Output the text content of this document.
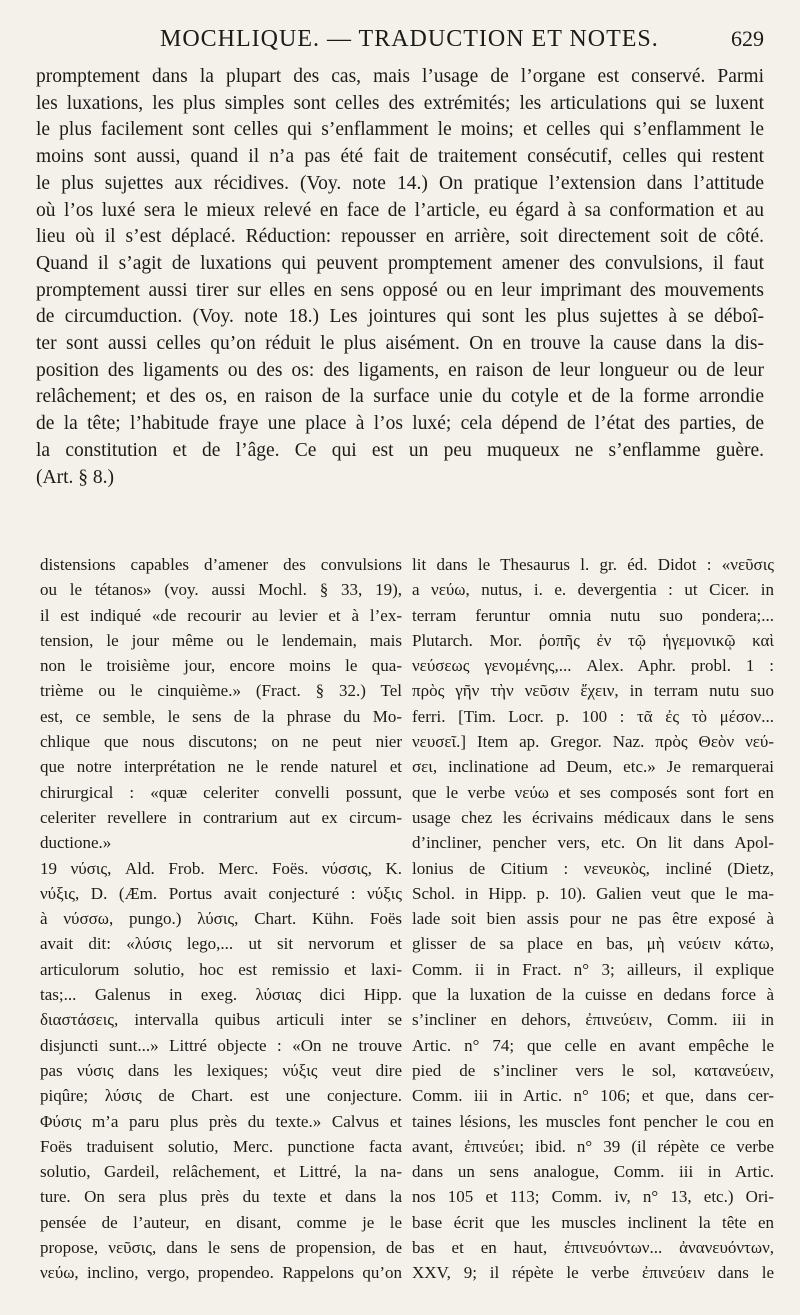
MOCHLIQUE. — TRADUCTION ET NOTES.	629
promptement dans la plupart des cas, mais l’usage de l’organe est conservé. Parmi
les luxations, les plus simples sont celles des extrémités; les articulations qui se luxent
le plus facilement sont celles qui s’enflamment le moins; et celles qui s’enflamment le
moins sont aussi, quand il n’a pas été fait de traitement consécutif, celles qui restent
le plus sujettes aux récidives. (Voy. note 14.) On pratique l’extension dans l’attitude
où l’os luxé sera le mieux relevé en face de l’article, eu égard à sa conformation et au
lieu où il s’est déplacé. Réduction: repousser en arrière, soit directement soit de côté.
Quand il s’agit de luxations qui peuvent promptement amener des convulsions, il faut
promptement aussi tirer sur elles en sens opposé ou en leur imprimant des mouvements
de circumduction. (Voy. note 18.) Les jointures qui sont les plus sujettes à se déboî-
ter sont aussi celles qu’on réduit le plus aisément. On en trouve la cause dans la dis-
position des ligaments ou des os: des ligaments, en raison de leur longueur ou de leur
relâchement; et des os, en raison de la surface unie du cotyle et de la forme arrondie
de la tête; l’habitude fraye une place à l’os luxé; cela dépend de l’état des parties, de
la constitution et de l’âge. Ce qui est un peu muqueux ne s’enflamme guère.
(Art. § 8.)
distensions capables d’amener des convulsions
ou le tétanos» (voy. aussi Mochl. § 33, 19),
il est indiqué «de recourir au levier et à l’ex-
tension, le jour même ou le lendemain, mais
non le troisième jour, encore moins le qua-
trième ou le cinquième.» (Fract. § 32.) Tel
est, ce semble, le sens de la phrase du Mo-
chlique que nous discutons; on ne peut nier
que notre interprétation ne le rende naturel et
chirurgical : «quæ celeriter convelli possunt,
celeriter revellere in contrarium aut ex circum-
ductione.»
19 νύσις, Ald. Frob. Merc. Foës. νύσσις, K.
νύξις, D. (Æm. Portus avait conjecturé : νύξις
à νύσσω, pungo.) λύσις, Chart. Kühn. Foës
avait dit: «λύσις lego,... ut sit nervorum et
articulorum solutio, hoc est remissio et laxi-
tas;... Galenus in exeg. λύσιας dici Hipp.
διαστάσεις, intervalla quibus articuli inter se
disjuncti sunt...» Littré objecte : «On ne trouve
pas νύσις dans les lexiques; νύξις veut dire
piqûre; λύσις de Chart. est une conjecture.
Φύσις m’a paru plus près du texte.» Calvus et
Foës traduisent solutio, Merc. punctione facta
solutio, Gardeil, relâchement, et Littré, la na-
ture. On sera plus près du texte et dans la
pensée de l’auteur, en disant, comme je le
propose, νεῦσις, dans le sens de propension, de
νεύω, inclino, vergo, propendeo. Rappelons qu’on
lit dans le Thesaurus l. gr. éd. Didot : «νεῦσις
a νεύω, nutus, i. e. devergentia : ut Cicer. in
terram feruntur omnia nutu suo pondera;...
Plutarch. Mor. ῥοπῆς ἐν τῷ ἡγεμονικῷ καὶ
νεύσεως γενομένης,... Alex. Aphr. probl. 1 :
πρὸς γῆν τὴν νεῦσιν ἔχειν, in terram nutu suo
ferri. [Tim. Locr. p. 100 : τᾶ ἐς τὸ μέσον...
νευσεῖ.] Item ap. Gregor. Naz. πρὸς Θεὸν νεύ-
σει, inclinatione ad Deum, etc.» Je remarquerai
que le verbe νεύω et ses composés sont fort en
usage chez les écrivains médicaux dans le sens
d’incliner, pencher vers, etc. On lit dans Apol-
lonius de Citium : νενευκὸς, incliné (Dietz,
Schol. in Hipp. p. 10). Galien veut que le ma-
lade soit bien assis pour ne pas être exposé à
glisser de sa place en bas, μὴ νεύειν κάτω,
Comm. ii in Fract. n° 3; ailleurs, il explique
que la luxation de la cuisse en dedans force à
s’incliner en dehors, ἐπινεύειν, Comm. iii in
Artic. n° 74; que celle en avant empêche le
pied de s’incliner vers le sol, κατανεύειν,
Comm. iii in Artic. n° 106; et que, dans cer-
taines lésions, les muscles font pencher le cou en
avant, ἐπινεύει; ibid. n° 39 (il répète ce verbe
dans un sens analogue, Comm. iii in Artic.
nos 105 et 113; Comm. iv, n° 13, etc.) Ori-
base écrit que les muscles inclinent la tête en
bas et en haut, ἐπινευόντων... ἀνανευόντων,
XXV, 9; il répète le verbe ἐπινεύειν dans le
